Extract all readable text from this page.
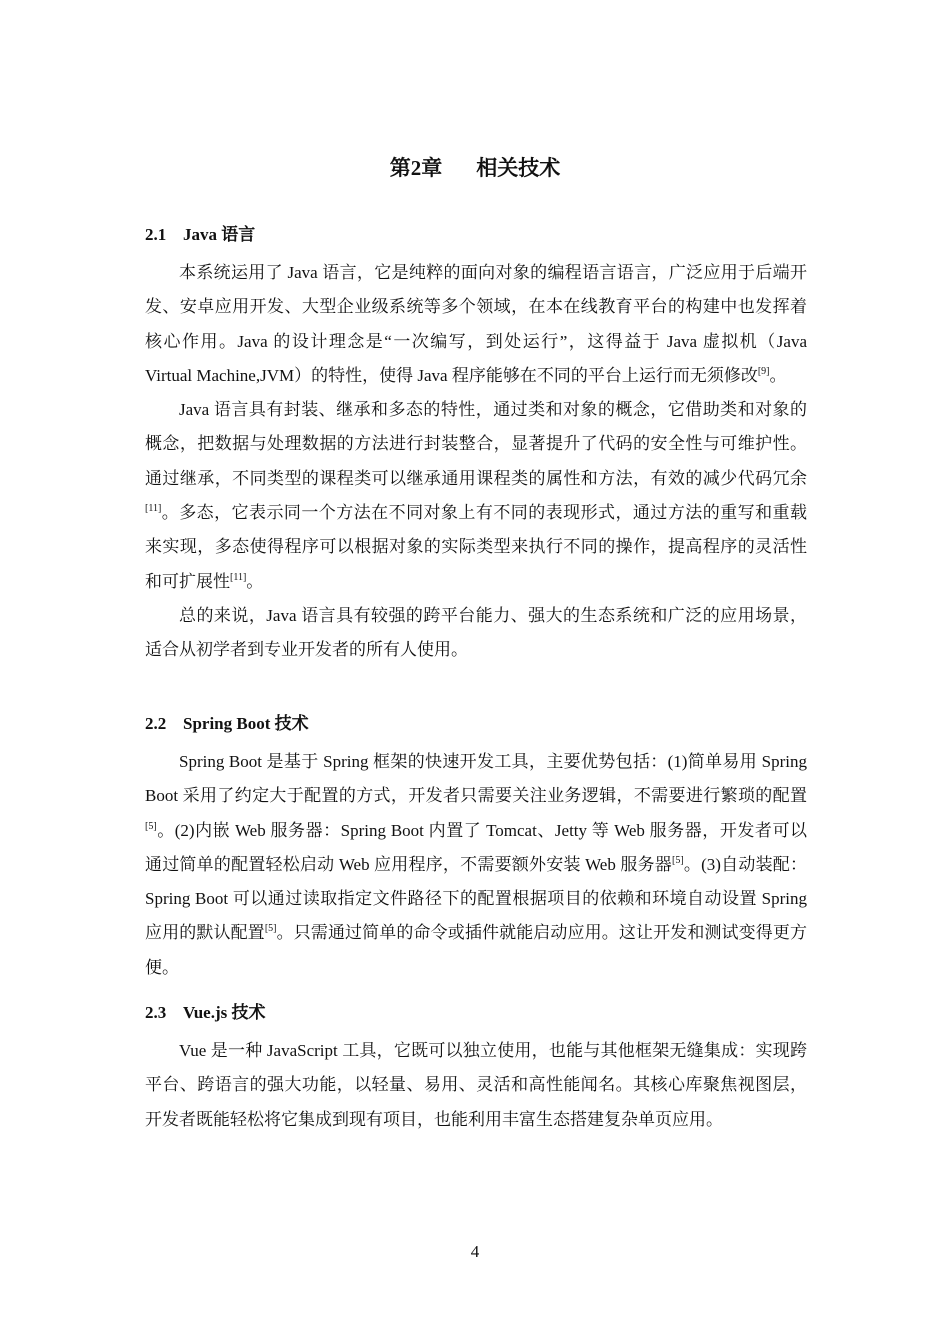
第2章 相关技术
2.1 Java 语言

本系统运用了 Java 语言，它是纯粹的面向对象的编程语言语言，广泛应用于后端开发、安卓应用开发、大型企业级系统等多个领域，在本在线教育平台的构建中也发挥着核心作用。Java 的设计理念是“一次编写，到处运行”，这得益于 Java 虚拟机（Java Virtual Machine,JVM）的特性，使得 Java 程序能够在不同的平台上运行而无须修改[9]。

Java 语言具有封装、继承和多态的特性，通过类和对象的概念，它借助类和对象的概念，把数据与处理数据的方法进行封装整合，显著提升了代码的安全性与可维护性。通过继承，不同类型的课程类可以继承通用课程类的属性和方法，有效的减少代码冗余[11]。多态，它表示同一个方法在不同对象上有不同的表现形式，通过方法的重写和重载来实现，多态使得程序可以根据对象的实际类型来执行不同的操作，提高程序的灵活性和可扩展性[11]。

总的来说，Java 语言具有较强的跨平台能力、强大的生态系统和广泛的应用场景，适合从初学者到专业开发者的所有人使用。

2.2 Spring Boot 技术

Spring Boot 是基于 Spring 框架的快速开发工具，主要优势包括：(1)简单易用 Spring Boot 采用了约定大于配置的方式，开发者只需要关注业务逻辑，不需要进行繁琐的配置[5]。(2)内嵌 Web 服务器：Spring Boot 内置了 Tomcat、Jetty 等 Web 服务器，开发者可以通过简单的配置轻松启动 Web 应用程序，不需要额外安装 Web 服务器[5]。(3)自动装配：Spring Boot 可以通过读取指定文件路径下的配置根据项目的依赖和环境自动设置 Spring 应用的默认配置[5]。只需通过简单的命令或插件就能启动应用。这让开发和测试变得更方便。

2.3 Vue.js 技术

Vue 是一种 JavaScript 工具，它既可以独立使用，也能与其他框架无缝集成：实现跨平台、跨语言的强大功能，以轻量、易用、灵活和高性能闻名。其核心库聚焦视图层，开发者既能轻松将它集成到现有项目，也能利用丰富生态搭建复杂单页应用。

4
